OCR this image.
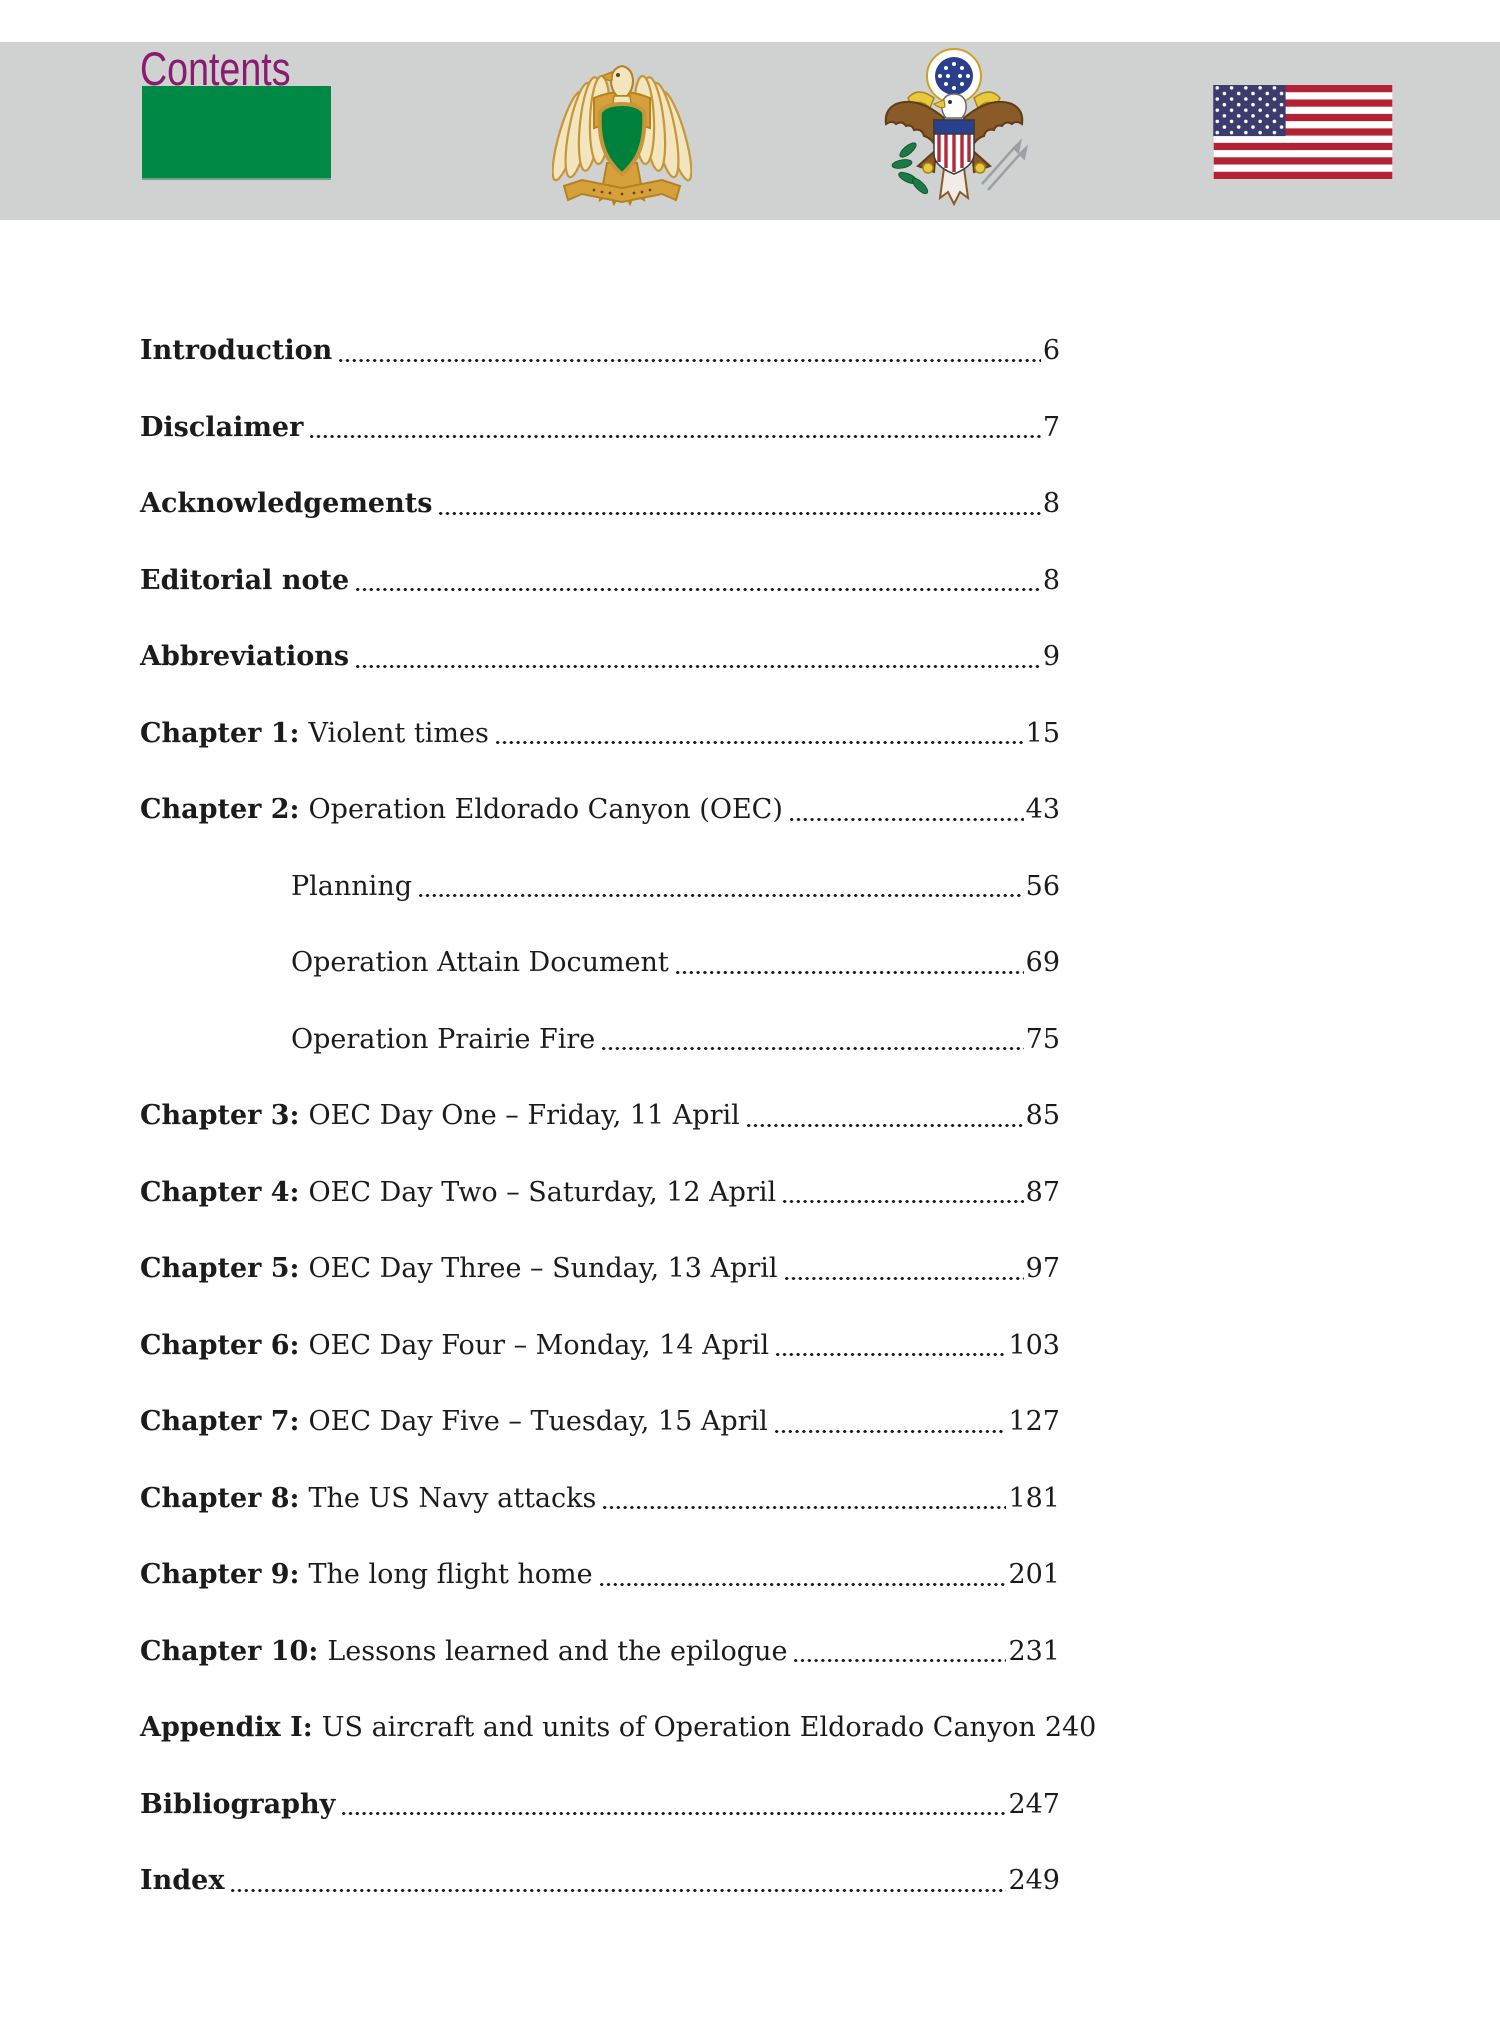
Contents
Introduction	6
Disclaimer	7
Acknowledgements	8
Editorial note	8
Abbreviations	9
Chapter 1: Violent times	15
Chapter 2: Operation Eldorado Canyon (OEC)	43
Planning	56
Operation Attain Document	69
Operation Prairie Fire	75
Chapter 3: OEC Day One – Friday, 11 April	85
Chapter 4: OEC Day Two – Saturday, 12 April	87
Chapter 5: OEC Day Three – Sunday, 13 April	97
Chapter 6: OEC Day Four – Monday, 14 April	103
Chapter 7: OEC Day Five – Tuesday, 15 April	127
Chapter 8: The US Navy attacks	181
Chapter 9: The long flight home	201
Chapter 10: Lessons learned and the epilogue	231
Appendix I: US aircraft and units of Operation Eldorado Canyon 240
Bibliography	247
Index	249
